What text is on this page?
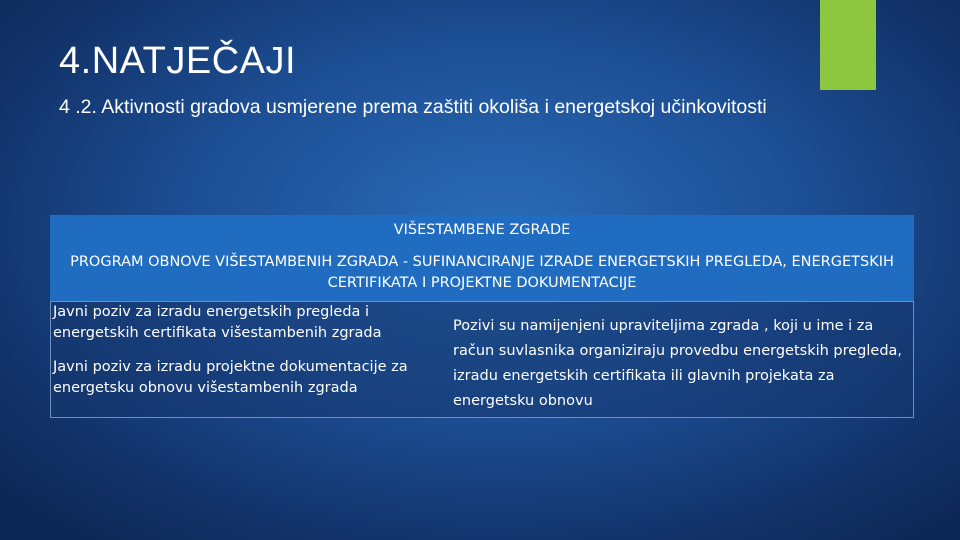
4.NATJEČAJI
4 .2. Aktivnosti gradova usmjerene prema zaštiti okoliša i energetskoj učinkovitosti
VIŠESTAMBENE ZGRADE
PROGRAM OBNOVE VIŠESTAMBENIH ZGRADA - SUFINANCIRANJE IZRADE ENERGETSKIH PREGLEDA, ENERGETSKIH CERTIFIKATA I PROJEKTNE DOKUMENTACIJE
Javni poziv za izradu energetskih pregleda i energetskih certifikata višestambenih zgrada
Javni poziv za izradu projektne dokumentacije za energetsku obnovu višestambenih zgrada
Pozivi su namijenjeni upraviteljima zgrada , koji u ime i za račun suvlasnika organiziraju provedbu energetskih pregleda, izradu energetskih certifikata ili glavnih projekata za energetsku obnovu
